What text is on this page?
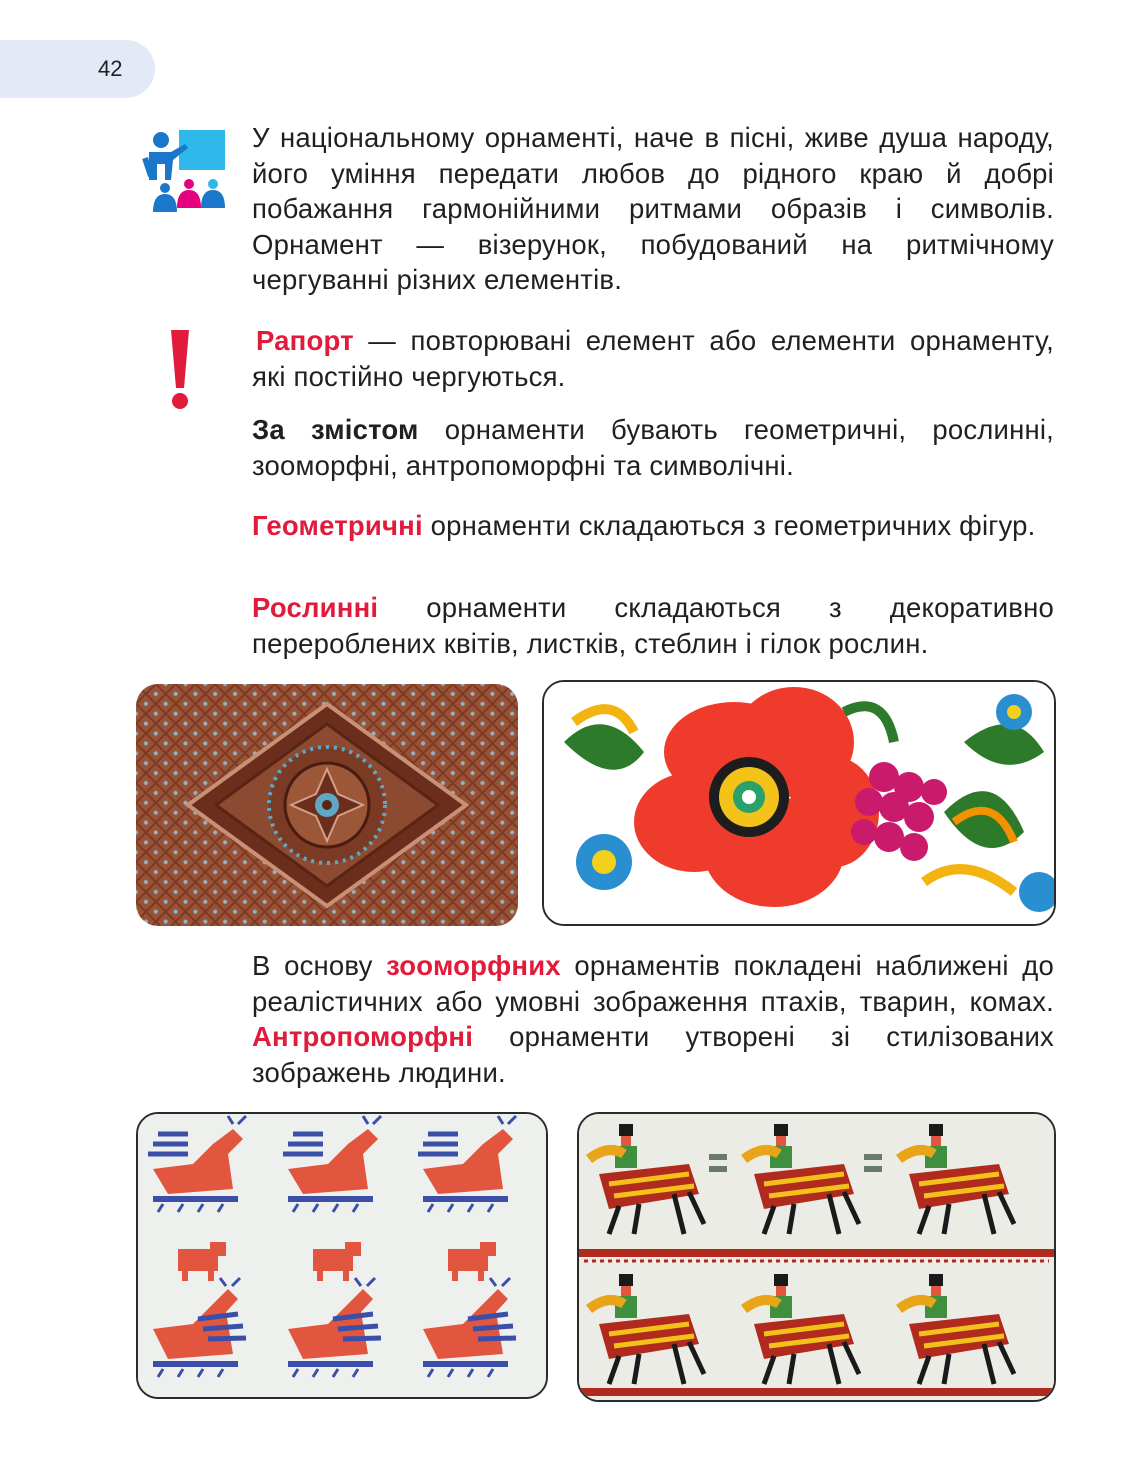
42
У національному орнаменті, наче в пісні, живе душа народу, його уміння передати любов до рідного краю й добрі побажання гармонійними ритмами образів і символів. Орнамент — візерунок, побудований на ритмічному чергуванні різних елементів.
Рапорт — повторювані елемент або елементи орнаменту, які постійно чергуються.
За змістом орнаменти бувають геометричні, рослинні, зооморфні, антропоморфні та символічні.
Геометричні орнаменти складаються з геометричних фігур.
Рослинні орнаменти складаються з декоративно перероблених квітів, листків, стеблин і гілок рослин.
В основу зооморфних орнаментів покладені наближені до реалістичних або умовні зображення птахів, тварин, комах. Антропоморфні орнаменти утворені зі стилізованих зображень людини.
